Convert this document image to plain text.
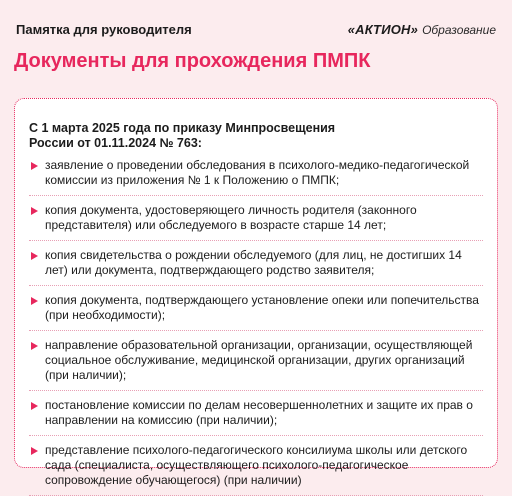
Памятка для руководителя	«АКТИОН» Образование
Документы для прохождения ПМПК

С 1 марта 2025 года по приказу Минпросвещения России от 01.11.2024 № 763:

заявление о проведении обследования в психолого-медико-педагогической комиссии из приложения № 1 к Положению о ПМПК;
копия документа, удостоверяющего личность родителя (законного представителя) или обследуемого в возрасте старше 14 лет;
копия свидетельства о рождении обследуемого (для лиц, не достигших 14 лет) или документа, подтверждающего родство заявителя;
копия документа, подтверждающего установление опеки или попечительства (при необходимости);
направление образовательной организации, организации, осуществляющей социальное обслуживание, медицинской организации, других организаций (при наличии);
постановление комиссии по делам несовершеннолетних и защите их прав о направлении на комиссию (при наличии);
представление психолого-педагогического консилиума школы или детского сада (специалиста, осуществляющего психолого-педагогическое сопровождение обучающегося) (при наличии)
